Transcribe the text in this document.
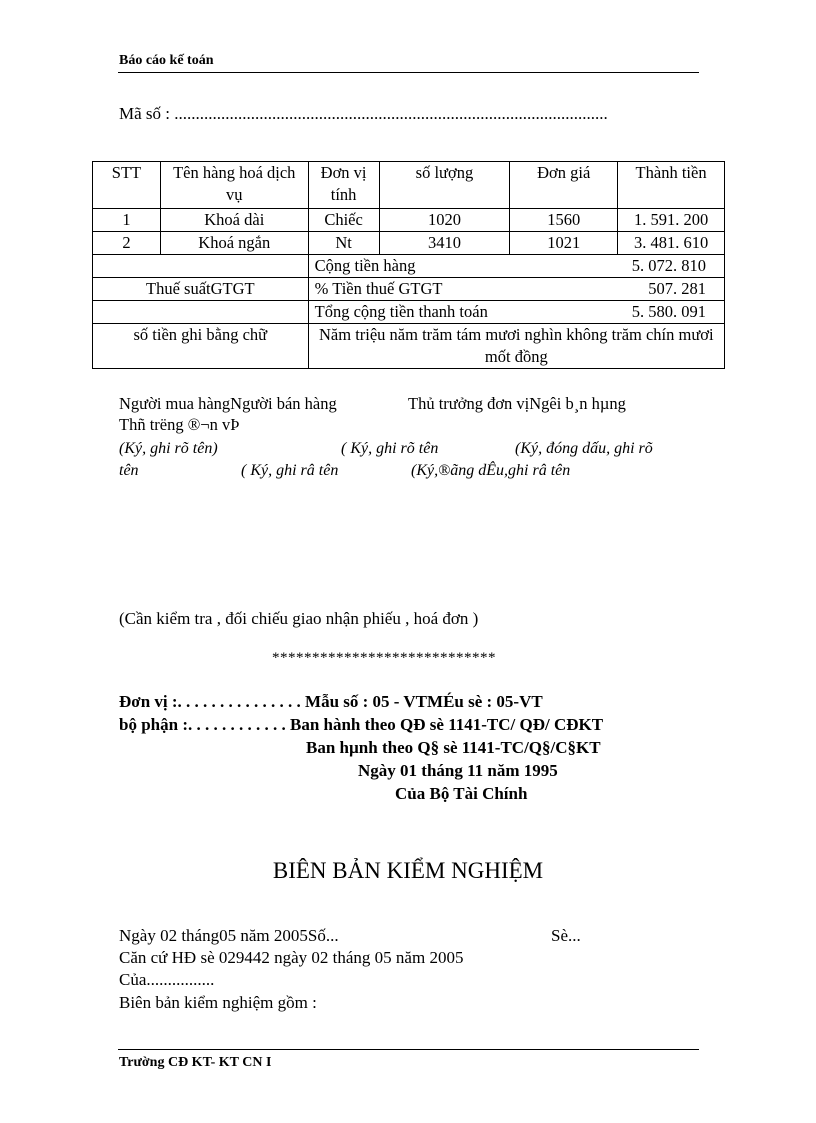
Báo cáo kế toán
Mã số : ......................................................................................................
STT	Tên hàng hoá dịch vụ	Đơn vị tính	số lượng	Đơn giá	Thành tiền
1	Khoá dài	Chiếc	1020	1560	1. 591. 200
2	Khoá ngắn	Nt	3410	1021	3. 481. 610
		Cộng tiền hàng 5. 072. 810			

Thuế suấtGTGT		% Tiền thuế GTGT 507. 281			

		Tổng cộng tiền thanh toán 5. 580. 091			

số tiền ghi bằng chữ		Năm triệu năm trăm tám mươi nghìn không trăm chín mươi mốt đồng			
Người mua hàngNgười bán hàng	Thủ trưởng đơn vịNgêi b¸n hµng
Thñ trëng ®¬n vÞ
(Ký, ghi rõ tên)	( Ký, ghi rõ tên	(Ký, đóng dấu, ghi rõ
tên	( Ký, ghi râ tên	(Ký,®ãng dÊu,ghi râ tên
(Cần kiểm tra , đối chiếu giao nhận phiếu , hoá đơn )
****************************
Đơn vị :. . . . . . . . . . . . . . . Mẫu số : 05 - VTMÉu sè : 05-VT
bộ phận :. . . . . . . . . . . . Ban hành theo QĐ sè 1141-TC/ QĐ/ CĐKT
Ban hµnh theo Q§ sè 1141-TC/Q§/C§KT
Ngày 01 tháng 11 năm 1995
Của Bộ Tài Chính
BIÊN BẢN KIỂM NGHIỆM
Ngày 02 tháng05 năm 2005Số...	Sè...
Căn cứ HĐ sè 029442 ngày 02 tháng 05 năm 2005
Của................
Biên bản kiểm nghiệm gồm :
Trường CĐ KT- KT CN I
